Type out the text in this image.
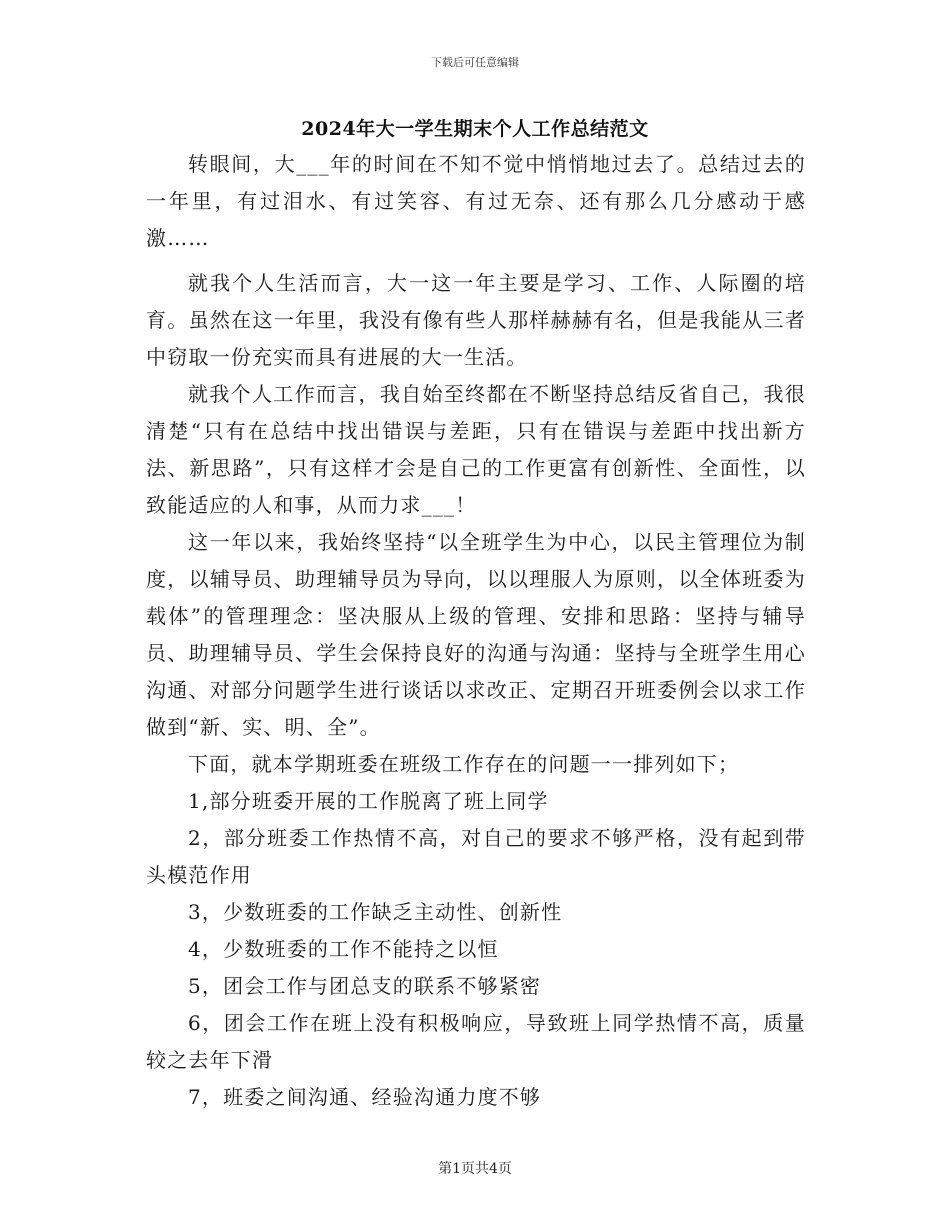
下载后可任意编辑
2024年大一学生期末个人工作总结范文

转眼间，大___年的时间在不知不觉中悄悄地过去了。总结过去的一年里，有过泪水、有过笑容、有过无奈、还有那么几分感动于感激……

就我个人生活而言，大一这一年主要是学习、工作、人际圈的培育。虽然在这一年里，我没有像有些人那样赫赫有名，但是我能从三者中窃取一份充实而具有进展的大一生活。

就我个人工作而言，我自始至终都在不断坚持总结反省自己，我很清楚“只有在总结中找出错误与差距，只有在错误与差距中找出新方法、新思路”，只有这样才会是自己的工作更富有创新性、全面性，以致能适应的人和事，从而力求___！

这一年以来，我始终坚持“以全班学生为中心，以民主管理位为制度，以辅导员、助理辅导员为导向，以以理服人为原则，以全体班委为载体”的管理理念：坚决服从上级的管理、安排和思路：坚持与辅导员、助理辅导员、学生会保持良好的沟通与沟通：坚持与全班学生用心沟通、对部分问题学生进行谈话以求改正、定期召开班委例会以求工作做到“新、实、明、全”。

下面，就本学期班委在班级工作存在的问题一一排列如下；

1,部分班委开展的工作脱离了班上同学

2，部分班委工作热情不高，对自己的要求不够严格，没有起到带头模范作用

3，少数班委的工作缺乏主动性、创新性

4，少数班委的工作不能持之以恒

5，团会工作与团总支的联系不够紧密

6，团会工作在班上没有积极响应，导致班上同学热情不高，质量较之去年下滑

7，班委之间沟通、经验沟通力度不够

第1页共4页
